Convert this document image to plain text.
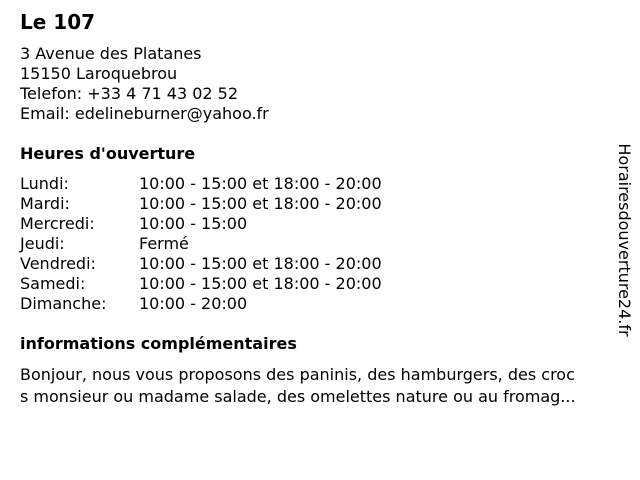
Le 107
3 Avenue des Platanes
15150 Laroquebrou
Telefon: +33 4 71 43 02 52
Email: edelineburner@yahoo.fr
Heures d'ouverture
Lundi:	10:00 - 15:00 et 18:00 - 20:00
Mardi:	10:00 - 15:00 et 18:00 - 20:00
Mercredi:	10:00 - 15:00
Jeudi:	Fermé
Vendredi:	10:00 - 15:00 et 18:00 - 20:00
Samedi:	10:00 - 15:00 et 18:00 - 20:00
Dimanche:	10:00 - 20:00
informations complémentaires
Bonjour, nous vous proposons des paninis, des hamburgers, des croc
s monsieur ou madame salade, des omelettes nature ou au fromag...
Horairesdouverture24.fr
